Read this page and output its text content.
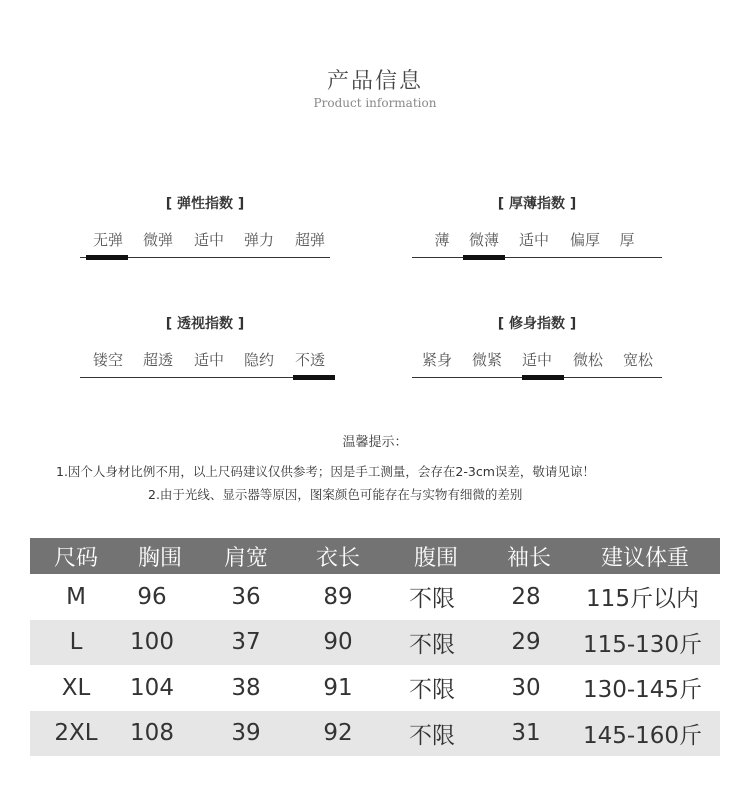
产品信息
Product information
[ 弹性指数 ]
无弹	微弹	适中	弹力	超弹
[ 厚薄指数 ]
薄	微薄	适中	偏厚	厚
[ 透视指数 ]
镂空	超透	适中	隐约	不透
[ 修身指数 ]
紧身	微紧	适中	微松	宽松
温馨提示：
1.因个人身材比例不用，以上尺码建议仅供参考；因是手工测量，会存在2-3cm误差，敬请见谅！
2.由于光线、显示器等原因，图案颜色可能存在与实物有细微的差别
尺码	胸围	肩宽	衣长	腹围	袖长	建议体重
M	96	36	89	不限	28	115斤以内
L	100	37	90	不限	29	115-130斤
XL	104	38	91	不限	30	130-145斤
2XL	108	39	92	不限	31	145-160斤
